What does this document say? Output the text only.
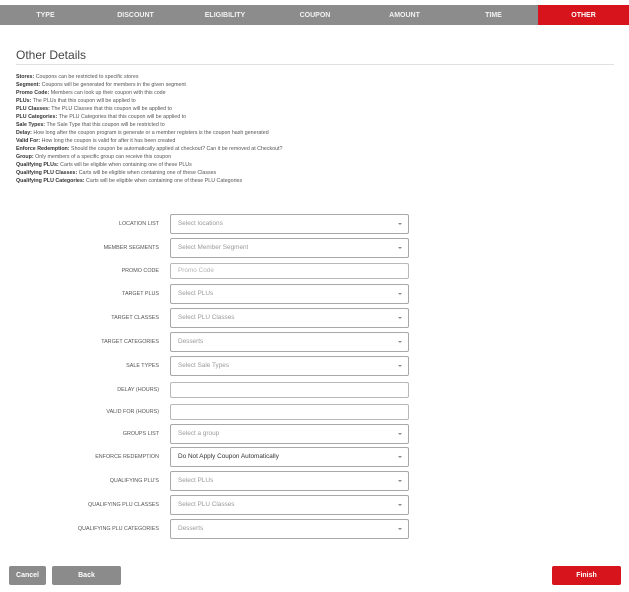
TYPE	DISCOUNT	ELIGIBILITY	COUPON	AMOUNT	TIME	OTHER
Other Details
Stores: Coupons can be restricted to specific stores
Segment: Coupons will be generated for members in the given segment
Promo Code: Members can look up their coupon with this code
PLUs: The PLUs that this coupon will be applied to
PLU Classes: The PLU Classes that this coupon will be applied to
PLU Categories: The PLU Categories that this coupon will be applied to
Sale Types: The Sale Type that this coupon will be restricted to
Delay: How long after the coupon program is generate or a member registers is the coupon hash generated
Valid For: How long the coupon is valid for after it has been created
Enforce Redemption: Should the coupon be automatically applied at checkout? Can it be removed at Checkout?
Group: Only members of a specific group can receive this coupon
Qualifying PLUs: Carts will be eligible when containing one of these PLUs
Qualifying PLU Classes: Carts will be eligible when containing one of these Classes
Qualifying PLU Categories: Carts will be eligible when containing one of these PLU Categories
LOCATION LIST	Select locations
MEMBER SEGMENTS	Select Member Segment
PROMO CODE	Promo Code
TARGET PLUS	Select PLUs
TARGET CLASSES	Select PLU Classes
TARGET CATEGORIES	Desserts
SALE TYPES	Select Sale Types
DELAY (HOURS)
VALID FOR (HOURS)
GROUPS LIST	Select a group
ENFORCE REDEMPTION	Do Not Apply Coupon Automatically
QUALIFYING PLU'S	Select PLUs
QUALIFYING PLU CLASSES	Select PLU Classes
QUALIFYING PLU CATEGORIES	Desserts
Cancel	Back	Finish
